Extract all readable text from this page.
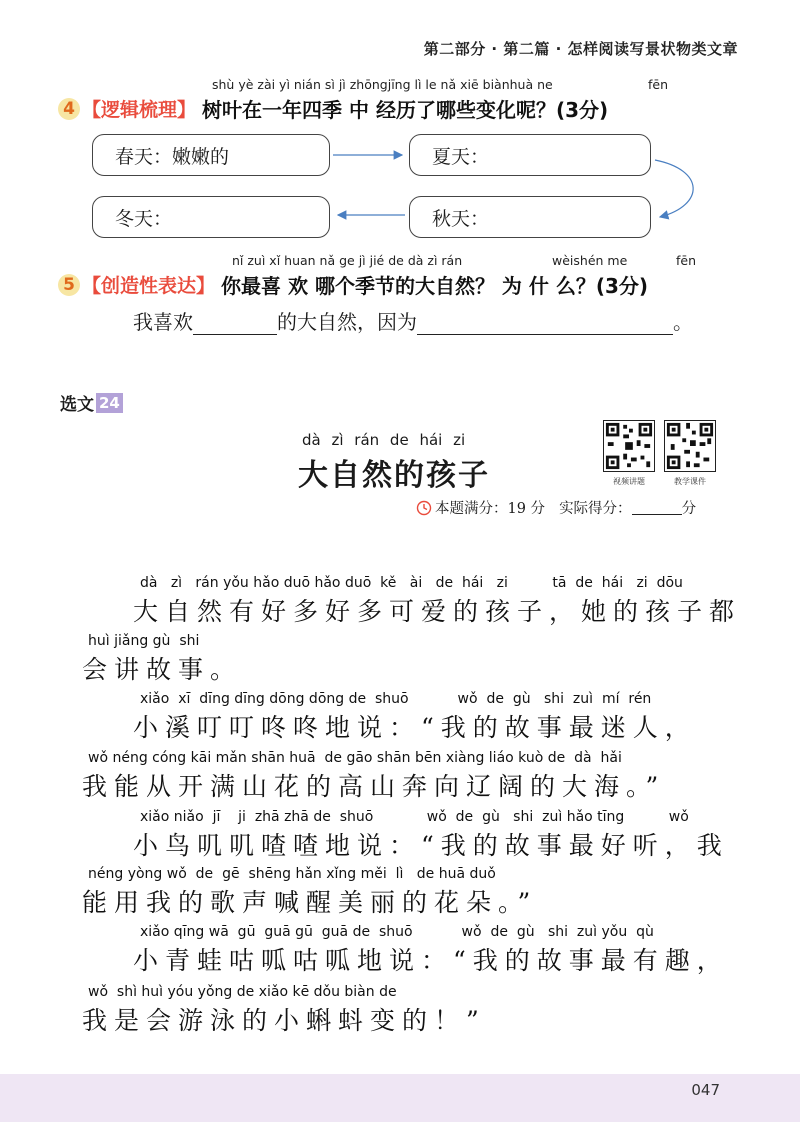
第二部分 · 第二篇 · 怎样阅读写景状物类文章
shù yè zài yì nián sì jì zhōngjīng lì le nǎ xiē biànhuà ne	fēn
4 【逻辑梳理】 树叶在一年四季 中 经历了哪些变化呢？(3分)
春天：嫩嫩的	夏天：
冬天：	秋天：
nǐ zuì xǐ huan nǎ ge jì jié de dà zì rán	wèishén me	fēn
5 【创造性表达】 你最喜 欢 哪个季节的大自然？ 为 什 么？(3分)
我喜欢	的大自然，因为	。
选文 24
dà zì rán de hái zi
大自然的孩子	视频讲题	教学课件
本题满分：19 分 实际得分：	分
dà   zì   rán yǒu hǎo duō hǎo duō  kě   ài   de  hái   zi          tā  de  hái   zi  dōu
大自然有好多好多可爱的孩子，她的孩子都
huì jiǎng gù  shi
会讲故事。
xiǎo  xī  dīng dīng dōng dōng de  shuō           wǒ  de  gù   shi  zuì  mí  rén
小溪叮叮咚咚地说：“我的故事最迷人，
wǒ néng cóng kāi mǎn shān huā  de gāo shān bēn xiàng liáo kuò de  dà  hǎi
我能从开满山花的高山奔向辽阔的大海。”
xiǎo niǎo  jī    ji  zhā zhā de  shuō            wǒ  de  gù   shi  zuì hǎo tīng          wǒ
小鸟叽叽喳喳地说：“我的故事最好听，我
néng yòng wǒ  de  gē  shēng hǎn xǐng měi  lì   de huā duǒ
能用我的歌声喊醒美丽的花朵。”
xiǎo qīng wā  gū  guā gū  guā de  shuō           wǒ  de  gù   shi  zuì yǒu  qù
小青蛙咕呱咕呱地说：“我的故事最有趣，
wǒ  shì huì yóu yǒng de xiǎo kē dǒu biàn de
我是会游泳的小蝌蚪变的！”
047
